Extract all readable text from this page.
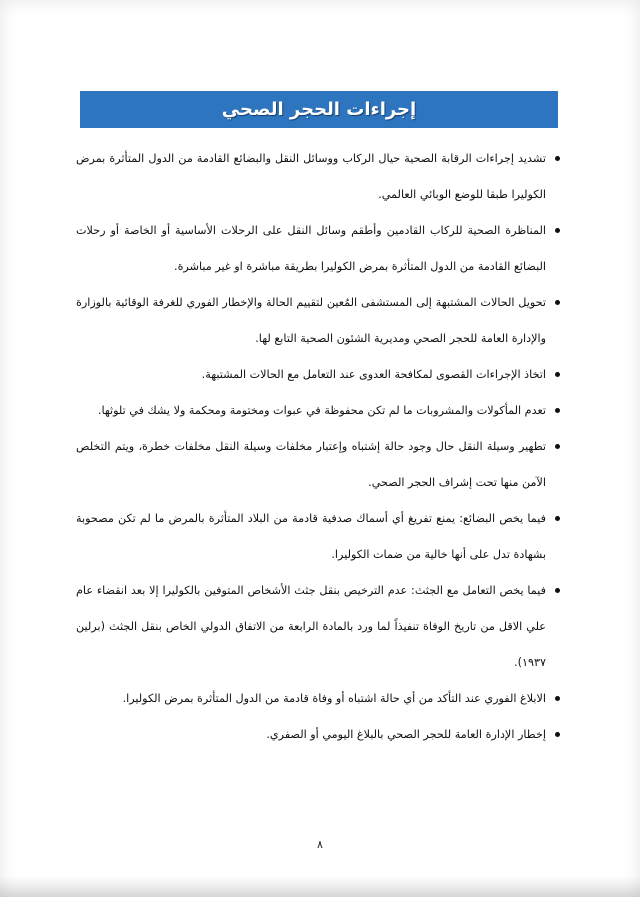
إجراءات الحجر الصحي
تشديد إجراءات الرقابة الصحية حيال الركاب ووسائل النقل والبضائع القادمة من الدول المتأثرة بمرض الكوليرا طبقا للوضع الوبائي العالمي.
المناظرة الصحية للركاب القادمين وأطقم وسائل النقل على الرحلات الأساسية أو الخاصة أو رحلات البضائع القادمة من الدول المتأثرة بمرض الكوليرا بطريقة مباشرة او غير مباشرة.
تحويل الحالات المشتبهة إلى المستشفى المُعين لتقييم الحالة والإخطار الفوري للغرفة الوقائية بالوزارة والإدارة العامة للحجر الصحي ومديرية الشئون الصحية التابع لها.
اتخاذ الإجراءات القصوى لمكافحة العدوى عند التعامل مع الحالات المشتبهة.
تعدم المأكولات والمشروبات ما لم تكن محفوظة في عبوات ومختومة ومحكمة ولا يشك في تلوثها.
تطهير وسيلة النقل حال وجود حالة إشتباه وإعتبار مخلفات وسيلة النقل مخلفات خطرة، ويتم التخلص الآمن منها تحت إشراف الحجر الصحي.
فيما يخص البضائع: يمنع تفريغ أي أسماك صدفية قادمة من البلاد المتأثرة بالمرض ما لم تكن مصحوبة بشهادة تدل على أنها خالية من ضمات الكوليرا.
فيما يخص التعامل مع الجثث: عدم الترخيص بنقل جثث الأشخاص المتوفين بالكوليرا إلا بعد انقضاء عام علي الاقل من تاريخ الوفاة تنفيذاً لما ورد بالمادة الرابعة من الاتفاق الدولي الخاص بنقل الجثث (برلين ١٩٣٧).
الابلاغ الفوري عند التأكد من أي حالة اشتباه أو وفاة قادمة من الدول المتأثرة بمرض الكوليرا.
إخطار الإدارة العامة للحجر الصحي بالبلاغ اليومي أو الصفري.
٨
